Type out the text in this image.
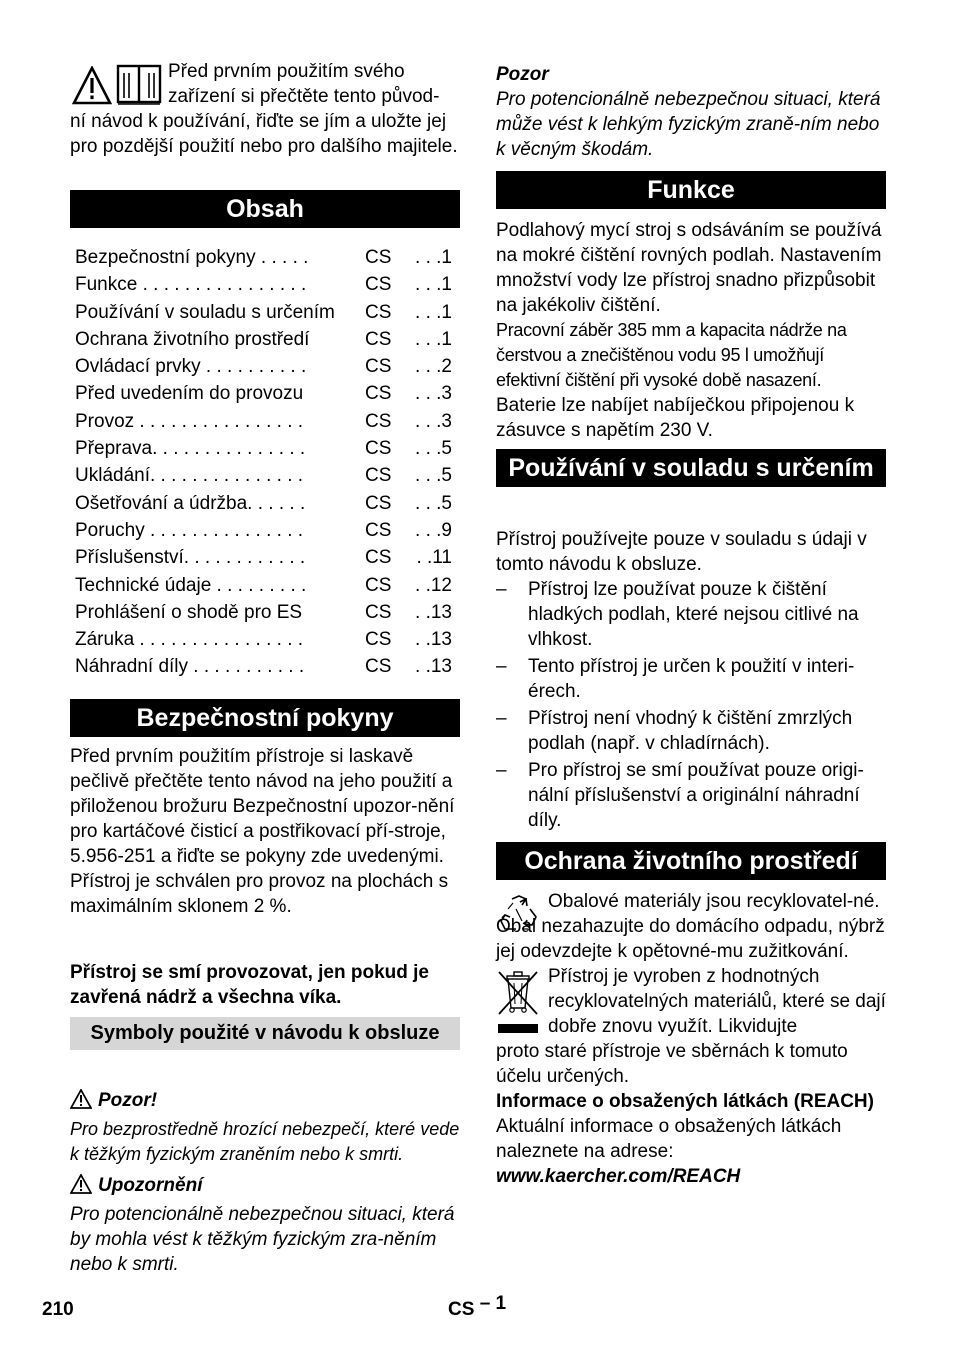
Před prvním použitím svého

zařízení si přečtěte tento původ-

ní návod k používání, řiďte se jím a uložte jej pro pozdější použití nebo pro dalšího majitele.

Obsah
Bezpečnostní pokyny . . . . .	CS	. . .1
Funkce . . . . . . . . . . . . . . . .	CS	. . .1
Používání v souladu s určením	CS	. . .1
Ochrana životního prostředí	CS	. . .1
Ovládací prvky . . . . . . . . . .	CS	. . .2
Před uvedením do provozu	CS	. . .3
Provoz . . . . . . . . . . . . . . . .	CS	. . .3
Přeprava. . . . . . . . . . . . . . .	CS	. . .5
Ukládání. . . . . . . . . . . . . . .	CS	. . .5
Ošetřování a údržba. . . . . .	CS	. . .5
Poruchy . . . . . . . . . . . . . . .	CS	. . .9
Příslušenství. . . . . . . . . . . .	CS	. .11
Technické údaje . . . . . . . . .	CS	. .12
Prohlášení o shodě pro ES	CS	. .13
Záruka . . . . . . . . . . . . . . . .	CS	. .13
Náhradní díly . . . . . . . . . . .	CS	. .13
Bezpečnostní pokyny

Před prvním použitím přístroje si laskavě pečlivě přečtěte tento návod na jeho použití a přiloženou brožuru Bezpečnostní upozor-nění pro kartáčové čisticí a postřikovací pří-stroje, 5.956-251 a řiďte se pokyny zde uvedenými.

Přístroj je schválen pro provoz na plochách s maximálním sklonem 2 %.

Přístroj se smí provozovat, jen pokud je zavřená nádrž a všechna víka.
Symboly použité v návodu k obsluze

Pozor!

Pro bezprostředně hrozící nebezpečí, které vede k těžkým fyzickým zraněním nebo k smrti.

Upozornění

Pro potencionálně nebezpečnou situaci, která by mohla vést k těžkým fyzickým zra-něním nebo k smrti.

Pozor

Pro potencionálně nebezpečnou situaci, která může vést k lehkým fyzickým zraně-ním nebo k věcným škodám.

Funkce

Podlahový mycí stroj s odsáváním se používá na mokré čištění rovných podlah. Nastavením množství vody lze přístroj snadno přizpůsobit na jakékoliv čištění.

Pracovní záběr 385 mm a kapacita nádrže na čerstvou a znečištěnou vodu 95 l umožňují efektivní čištění při vysoké době nasazení.

Baterie lze nabíjet nabíječkou připojenou k zásuvce s napětím 230 V.

Používání v souladu s určením

Přístroj používejte pouze v souladu s údaji v tomto návodu k obsluze.

– Přístroj lze používat pouze k čištění hladkých podlah, které nejsou citlivé na vlhkost.
– Tento přístroj je určen k použití v interi-érech.
– Přístroj není vhodný k čištění zmrzlých podlah (např. v chladírnách).
– Pro přístroj se smí používat pouze origi-nální příslušenství a originální náhradní díly.
Ochrana životního prostředí

Obalové materiály jsou recyklovatel-né. Obal nezahazujte do domácího odpadu, nýbrž jej odevzdejte k opětovné-mu zužitkování.

Přístroj je vyroben z hodnotných recyklovatelných materiálů, které se dají dobře znovu využít. Likvidujte

proto staré přístroje ve sběrnách k tomuto účelu určených.

Informace o obsažených látkách (REACH)

Aktuální informace o obsažených látkách naleznete na adrese:

www.kaercher.com/REACH

210	CS – 1
